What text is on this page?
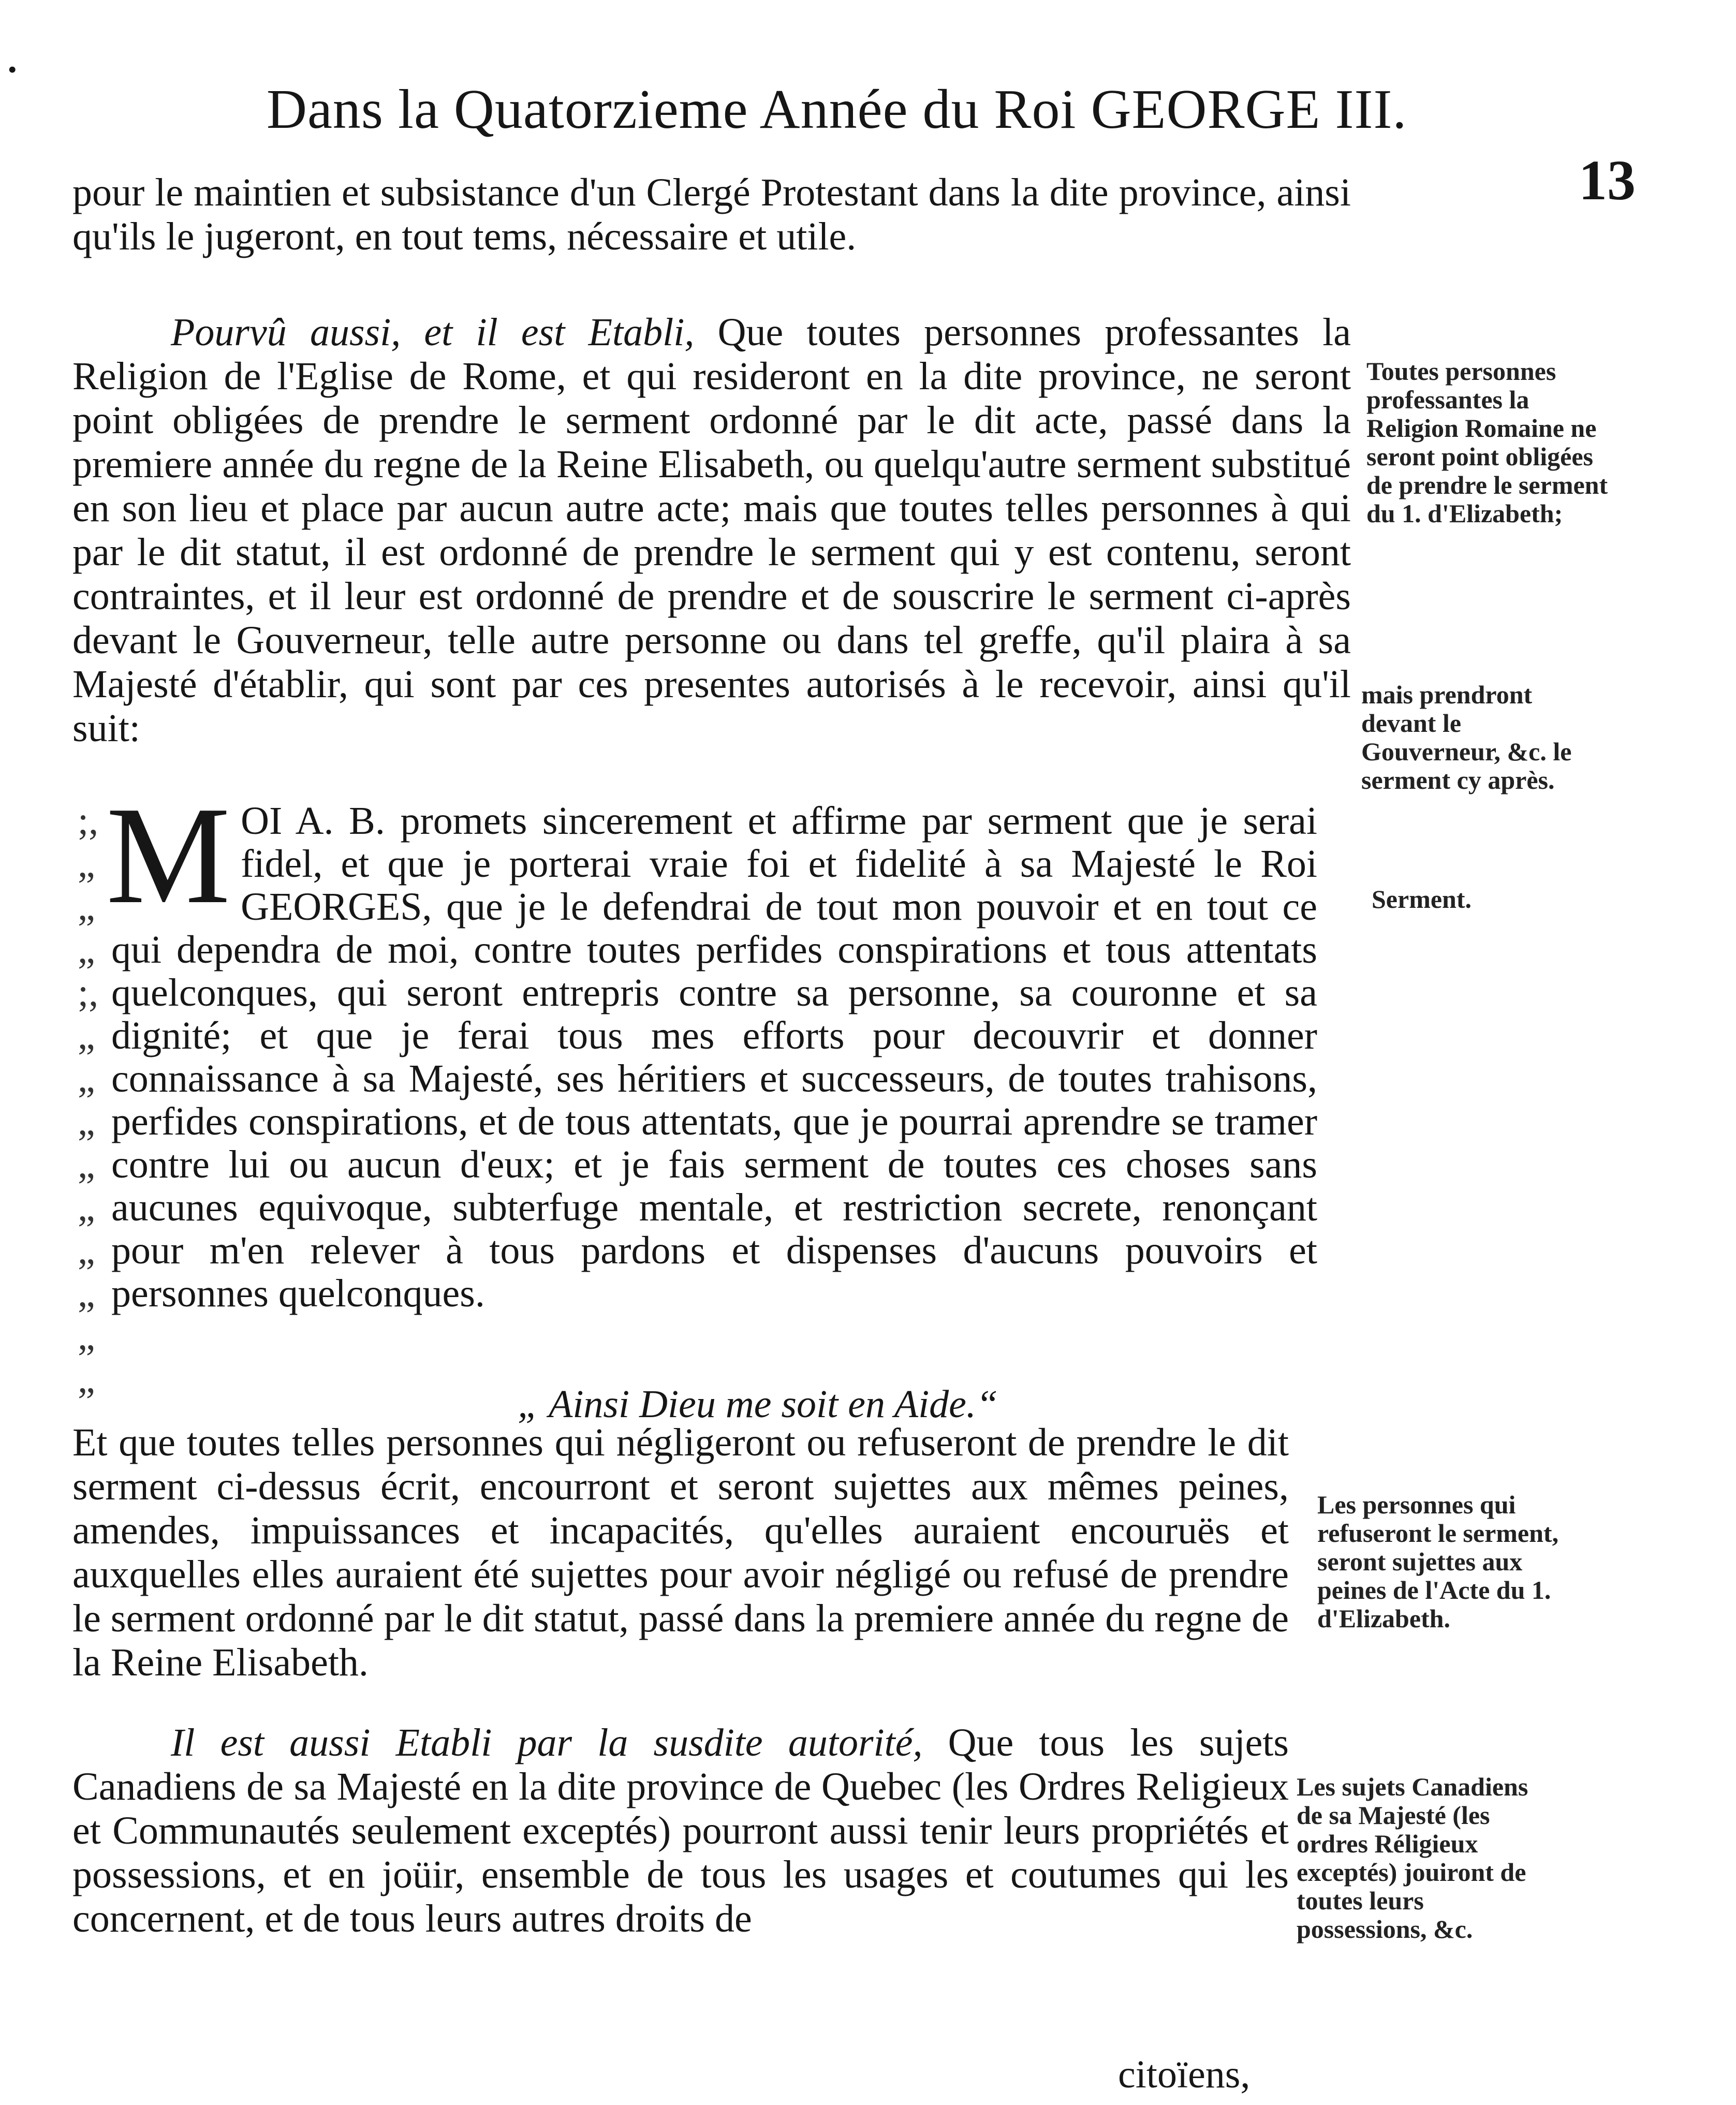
•
Dans la Quatorzieme Année du Roi GEORGE III.
13
pour le maintien et subsistance d'un Clergé Protestant dans la dite province, ainsi qu'ils le jugeront, en tout tems, nécessaire et utile.
Pourvû aussi, et il est Etabli, Que toutes personnes professantes la Religion de l'Eglise de Rome, et qui resideront en la dite province, ne seront point obligées de prendre le serment ordonné par le dit acte, passé dans la premiere année du regne de la Reine Elisabeth, ou quelqu'autre serment substitué en son lieu et place par aucun autre acte; mais que toutes telles personnes à qui par le dit statut, il est ordonné de prendre le serment qui y est contenu, seront contraintes, et il leur est ordonné de prendre et de souscrire le serment ci-après devant le Gouverneur, telle autre personne ou dans tel greffe, qu'il plaira à sa Majesté d'établir, qui sont par ces presentes autorisés à le recevoir, ainsi qu'il suit:
;,
„
„
„
;,
„
„
„
„
„
„
„
„
„
M OI A. B. promets sincerement et affirme par serment que je serai fidel, et que je porterai vraie foi et fidelité à sa Majesté le Roi GEORGES, que je le defendrai de tout mon pouvoir et en tout ce qui dependra de moi, contre toutes perfides conspirations et tous attentats quelconques, qui seront entrepris contre sa personne, sa couronne et sa dignité; et que je ferai tous mes efforts pour decouvrir et donner connaissance à sa Majesté, ses héritiers et successeurs, de toutes trahisons, perfides conspirations, et de tous attentats, que je pourrai aprendre se tramer contre lui ou aucun d'eux; et je fais serment de toutes ces choses sans aucunes equivoque, subterfuge mentale, et restriction secrete, renonçant pour m'en relever à tous pardons et dispenses d'aucuns pouvoirs et personnes quelconques.
„ Ainsi Dieu me soit en Aide.“
Et que toutes telles personnes qui négligeront ou refuseront de prendre le dit serment ci-dessus écrit, encourront et seront sujettes aux mêmes peines, amendes, impuissances et incapacités, qu'elles auraient encouruës et auxquelles elles auraient été sujettes pour avoir négligé ou refusé de prendre le serment ordonné par le dit statut, passé dans la premiere année du regne de la Reine Elisabeth.
Il est aussi Etabli par la susdite autorité, Que tous les sujets Canadiens de sa Majesté en la dite province de Quebec (les Ordres Religieux et Communautés seulement exceptés) pourront aussi tenir leurs propriétés et possessions, et en joüir, ensemble de tous les usages et coutumes qui les concernent, et de tous leurs autres droits de
citoïens,
Toutes personnes professantes la Religion Romaine ne seront point obligées de prendre le serment du 1. d'Elizabeth;
mais prendront devant le Gouverneur, &c. le serment cy après.
Serment.
Les personnes qui refuseront le serment, seront sujettes aux peines de l'Acte du 1. d'Elizabeth.
Les sujets Canadiens de sa Majesté (les ordres Réligieux exceptés) jouiront de toutes leurs possessions, &c.
